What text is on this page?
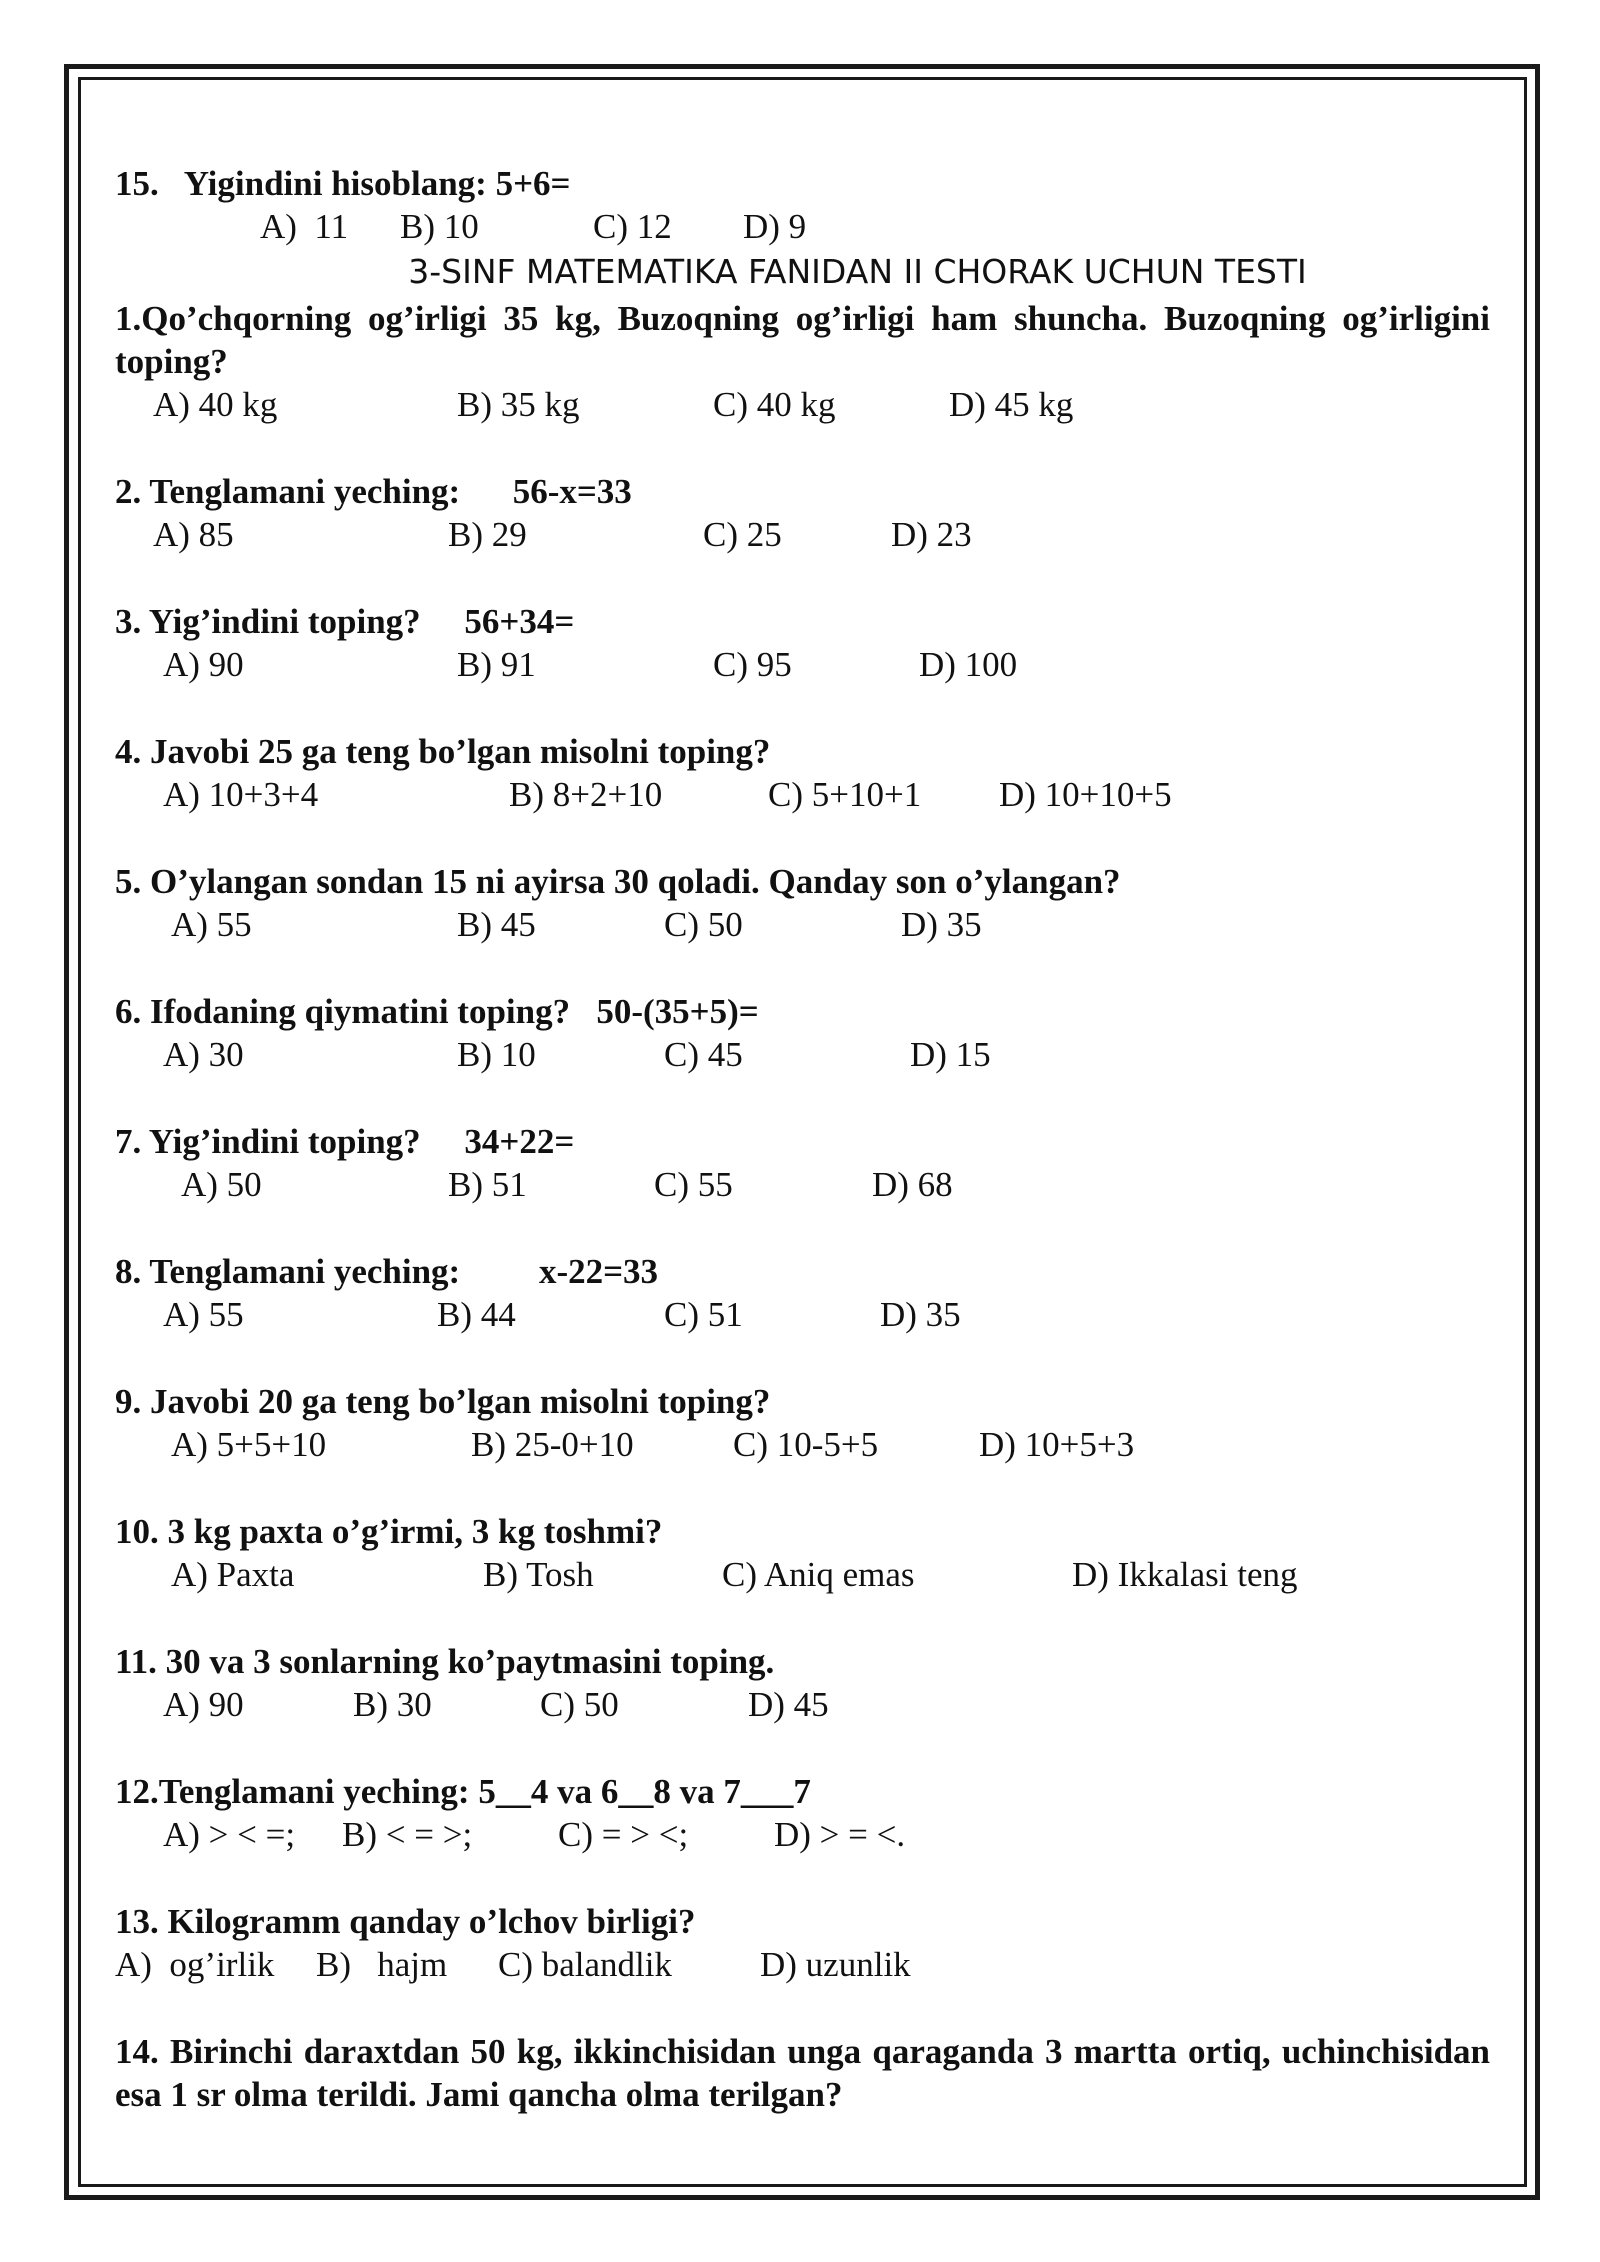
15.   Yigindini hisoblang: 5+6=

A)  11 B) 10	C) 12 D) 9
3-SINF MATEMATIKA FANIDAN II CHORAK UCHUN TESTI

1.Qo’chqorning og’irligi 35 kg, Buzoqning og’irligi ham shuncha. Buzoqning og’irligini toping?

A) 40 kg	B) 35 kg	C) 40 kg	D) 45 kg

2. Tenglamani yeching:      56-x=33

A) 85	B) 29	C) 25	D) 23

3. Yig’indini toping?     56+34=

A) 90	B) 91	C) 95	D) 100

4. Javobi 25 ga teng bo’lgan misolni toping?

A) 10+3+4	B) 8+2+10	C) 5+10+1 D) 10+10+5

5. O’ylangan sondan 15 ni ayirsa 30 qoladi. Qanday son o’ylangan?

A) 55	B) 45	C) 50	D) 35

6. Ifodaning qiymatini toping?   50-(35+5)=

A) 30	B) 10	C) 45	D) 15

7. Yig’indini toping?     34+22=

A) 50	B) 51	C) 55	D) 68

8. Tenglamani yeching:         x-22=33

A) 55	B) 44	C) 51	D) 35

9. Javobi 20 ga teng bo’lgan misolni toping?

A) 5+5+10	B) 25-0+10	C) 10-5+5	D) 10+5+3

10. 3 kg paxta o’g’irmi, 3 kg toshmi?

A) Paxta	B) Tosh	C) Aniq emas	D) Ikkalasi teng

11. 30 va 3 sonlarning ko’paytmasini toping.

A) 90	B) 30	C) 50	D) 45

12.Tenglamani yeching: 5__4 va 6__8 va 7___7

A) > < =; B) < = >; C) = > <; D) > = <.

13. Kilogramm qanday o’lchov birligi?

A)  og’irlik B)   hajm C) balandlik	D) uzunlik

14. Birinchi daraxtdan 50 kg, ikkinchisidan unga qaraganda 3 martta ortiq, uchinchisidan esa 1 sr olma terildi. Jami qancha olma terilgan?
